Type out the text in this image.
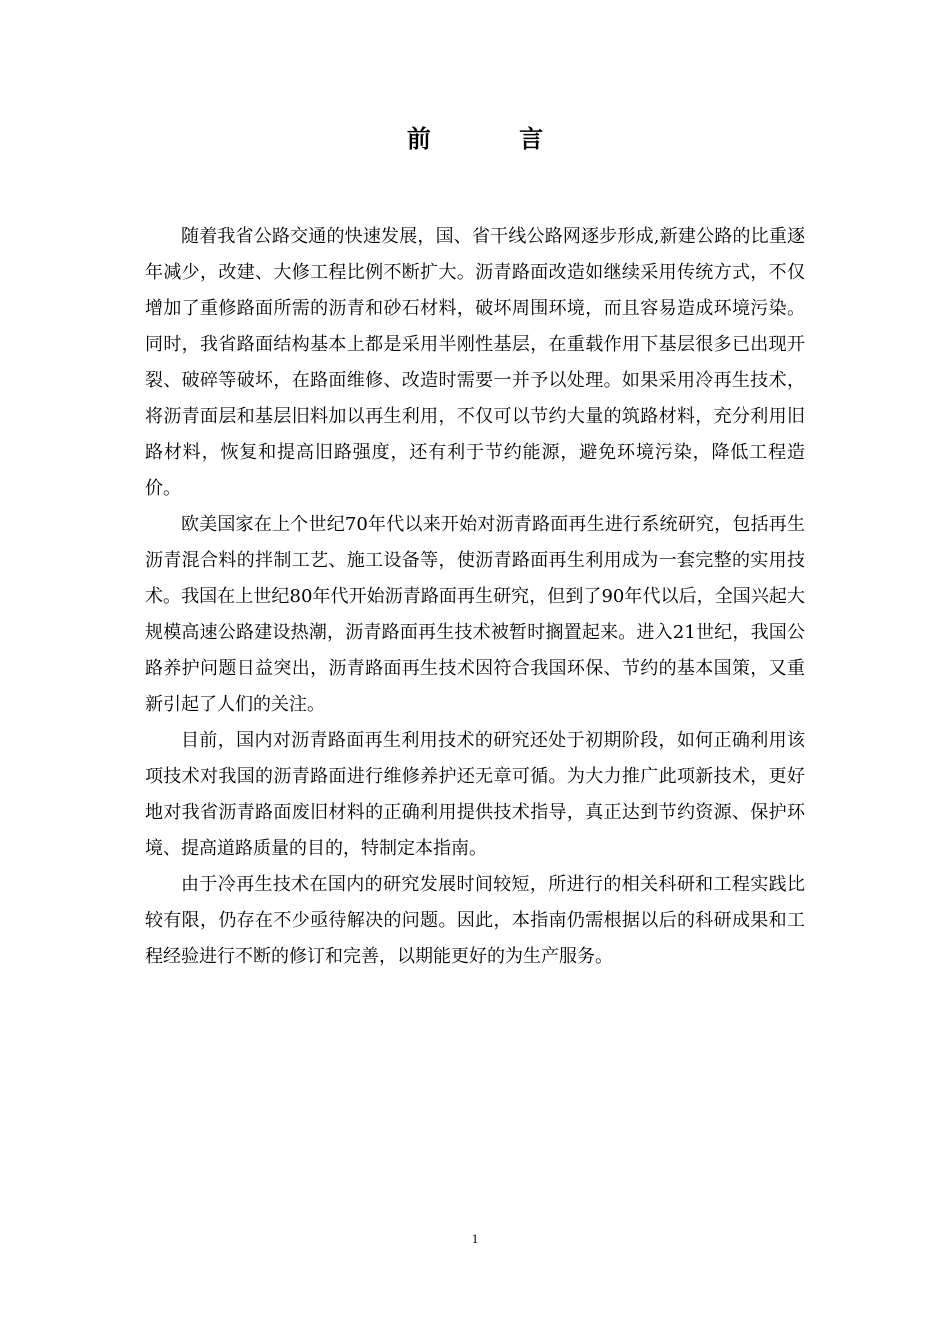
前 言

随着我省公路交通的快速发展，国、省干线公路网逐步形成,新建公路的比重逐年减少，改建、大修工程比例不断扩大。沥青路面改造如继续采用传统方式，不仅增加了重修路面所需的沥青和砂石材料，破坏周围环境，而且容易造成环境污染。同时，我省路面结构基本上都是采用半刚性基层，在重载作用下基层很多已出现开裂、破碎等破坏，在路面维修、改造时需要一并予以处理。如果采用冷再生技术，将沥青面层和基层旧料加以再生利用，不仅可以节约大量的筑路材料，充分利用旧路材料，恢复和提高旧路强度，还有利于节约能源，避免环境污染，降低工程造价。

欧美国家在上个世纪70年代以来开始对沥青路面再生进行系统研究，包括再生沥青混合料的拌制工艺、施工设备等，使沥青路面再生利用成为一套完整的实用技术。我国在上世纪80年代开始沥青路面再生研究，但到了90年代以后，全国兴起大规模高速公路建设热潮，沥青路面再生技术被暂时搁置起来。进入21世纪，我国公路养护问题日益突出，沥青路面再生技术因符合我国环保、节约的基本国策，又重新引起了人们的关注。

目前，国内对沥青路面再生利用技术的研究还处于初期阶段，如何正确利用该项技术对我国的沥青路面进行维修养护还无章可循。为大力推广此项新技术，更好地对我省沥青路面废旧材料的正确利用提供技术指导，真正达到节约资源、保护环境、提高道路质量的目的，特制定本指南。

由于冷再生技术在国内的研究发展时间较短，所进行的相关科研和工程实践比较有限，仍存在不少亟待解决的问题。因此，本指南仍需根据以后的科研成果和工程经验进行不断的修订和完善，以期能更好的为生产服务。

1
